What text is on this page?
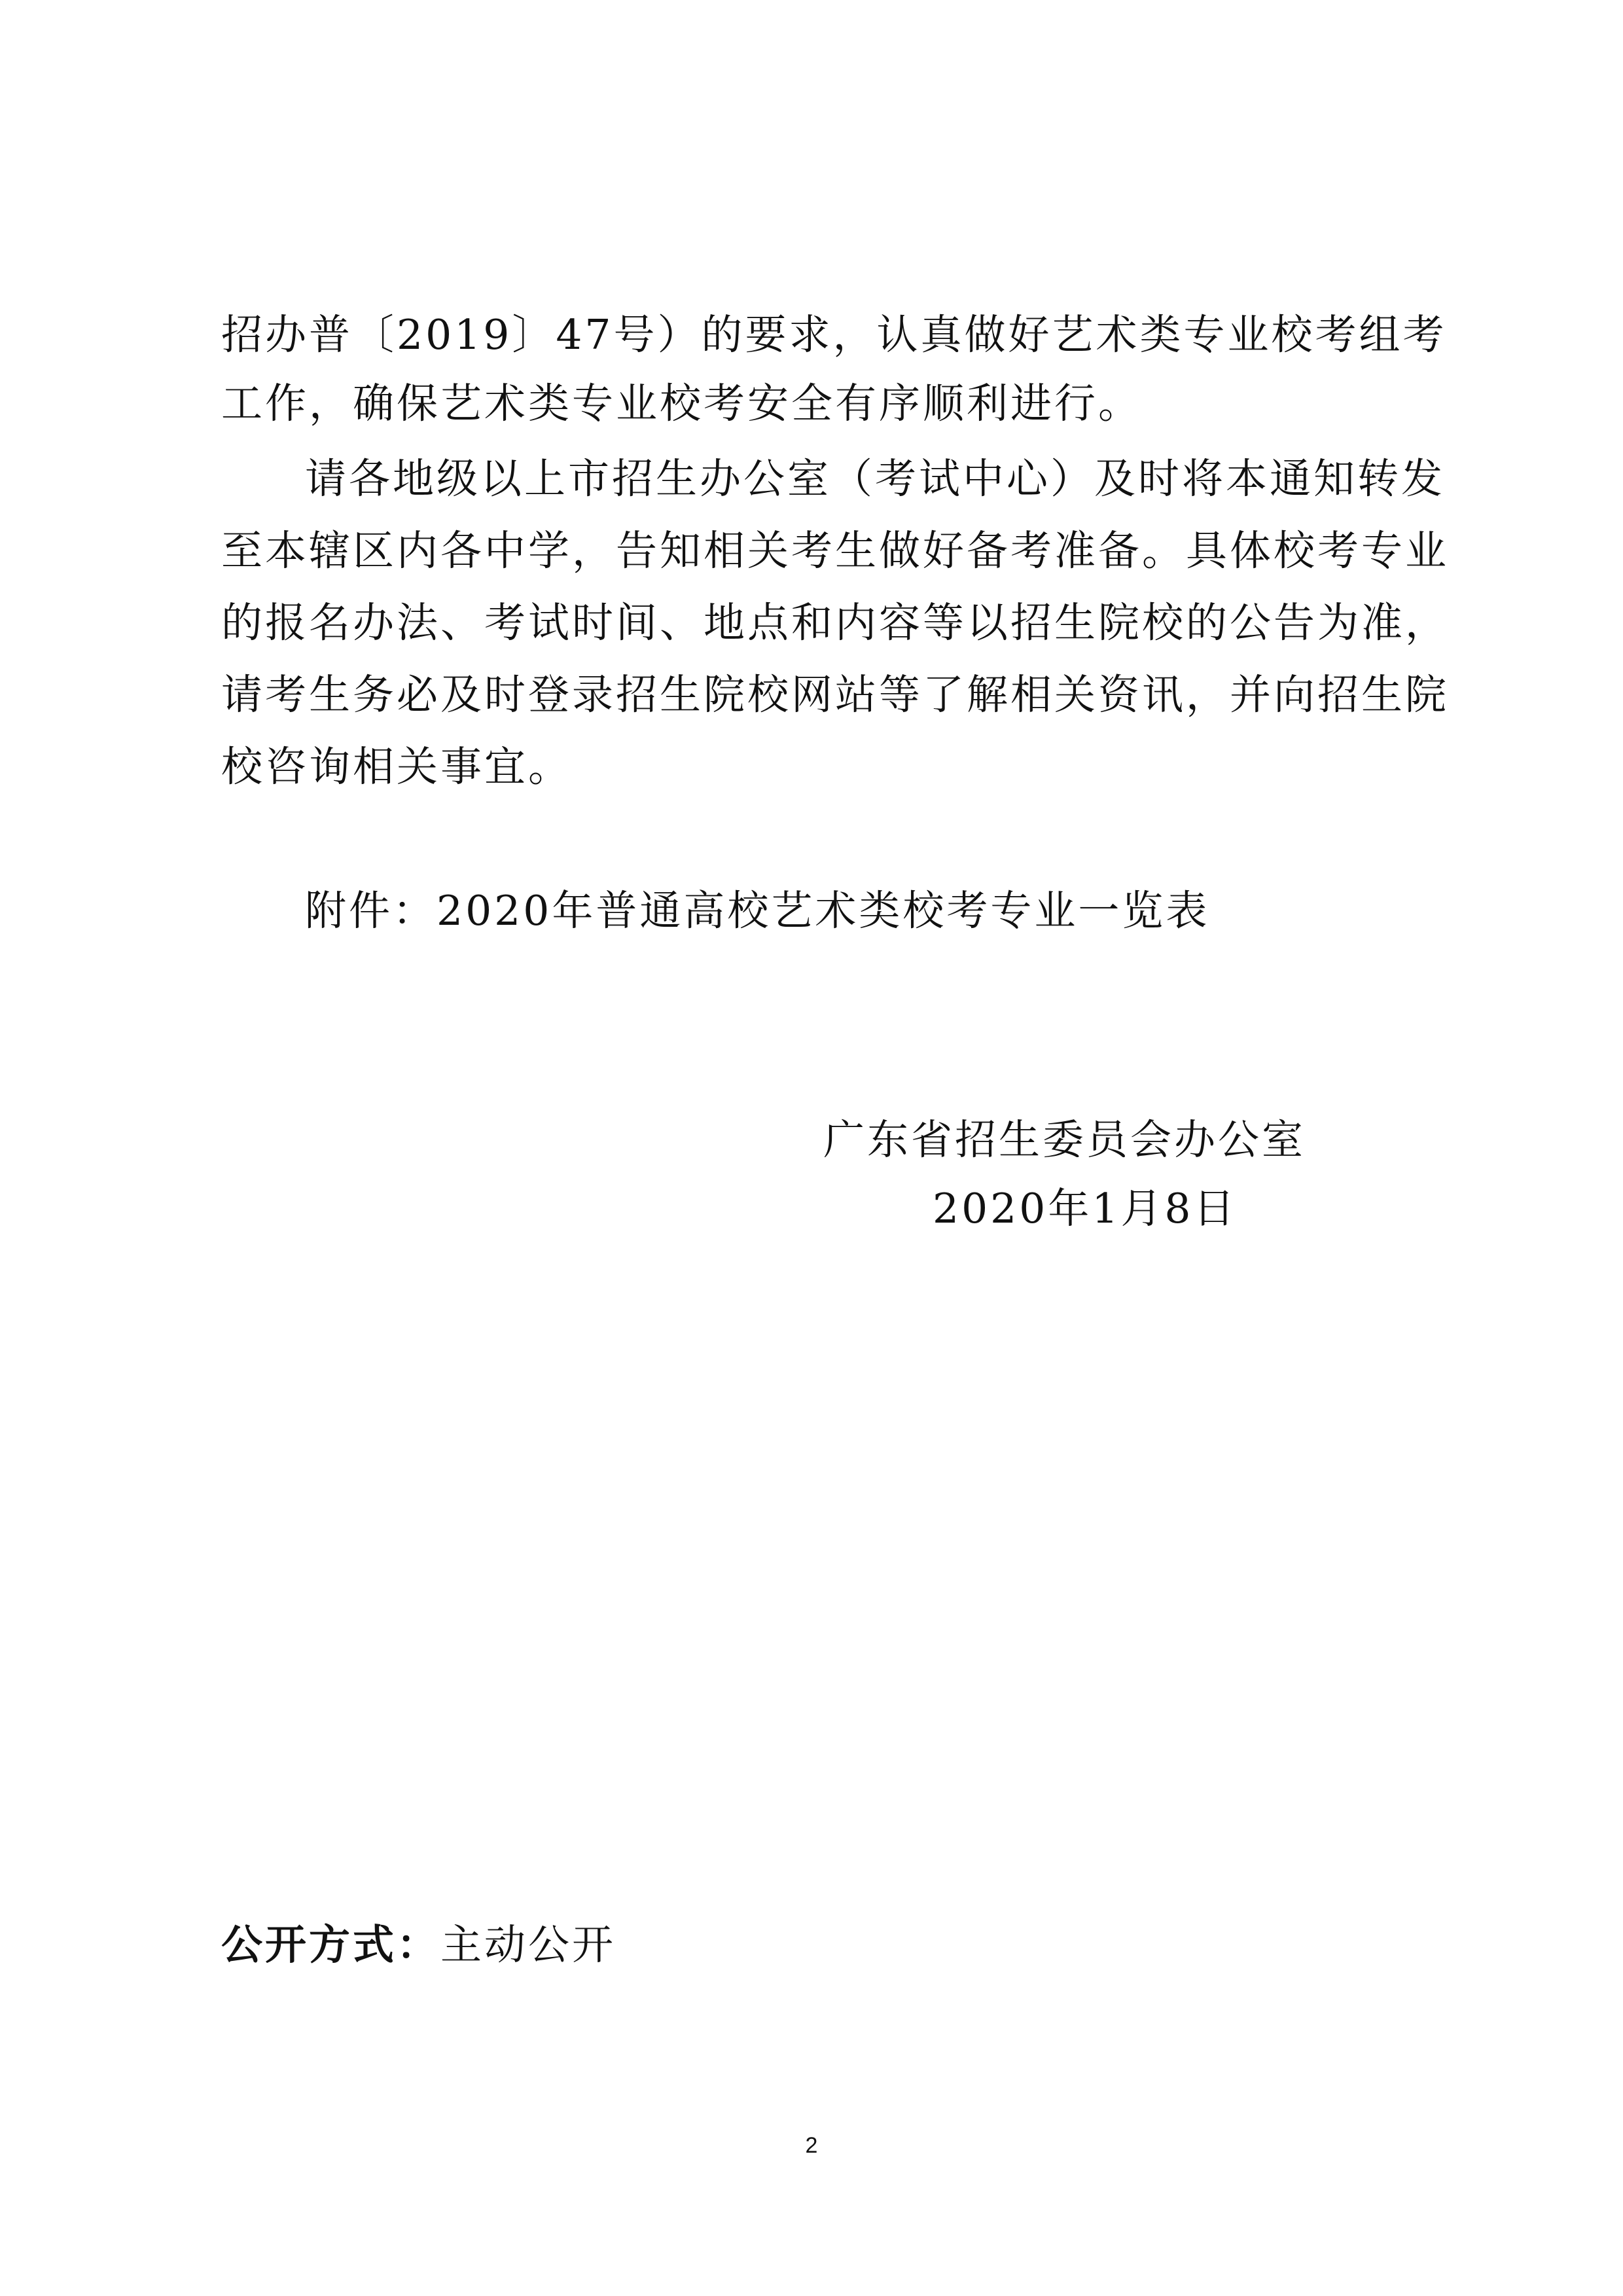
招办普〔2019〕47号）的要求，认真做好艺术类专业校考组考
工作，确保艺术类专业校考安全有序顺利进行。
请各地级以上市招生办公室（考试中心）及时将本通知转发
至本辖区内各中学，告知相关考生做好备考准备。具体校考专业
的报名办法、考试时间、地点和内容等以招生院校的公告为准，
请考生务必及时登录招生院校网站等了解相关资讯，并向招生院
校咨询相关事宜。
附件：2020年普通高校艺术类校考专业一览表
广东省招生委员会办公室
2020年1月8日
公开方式：主动公开
2
